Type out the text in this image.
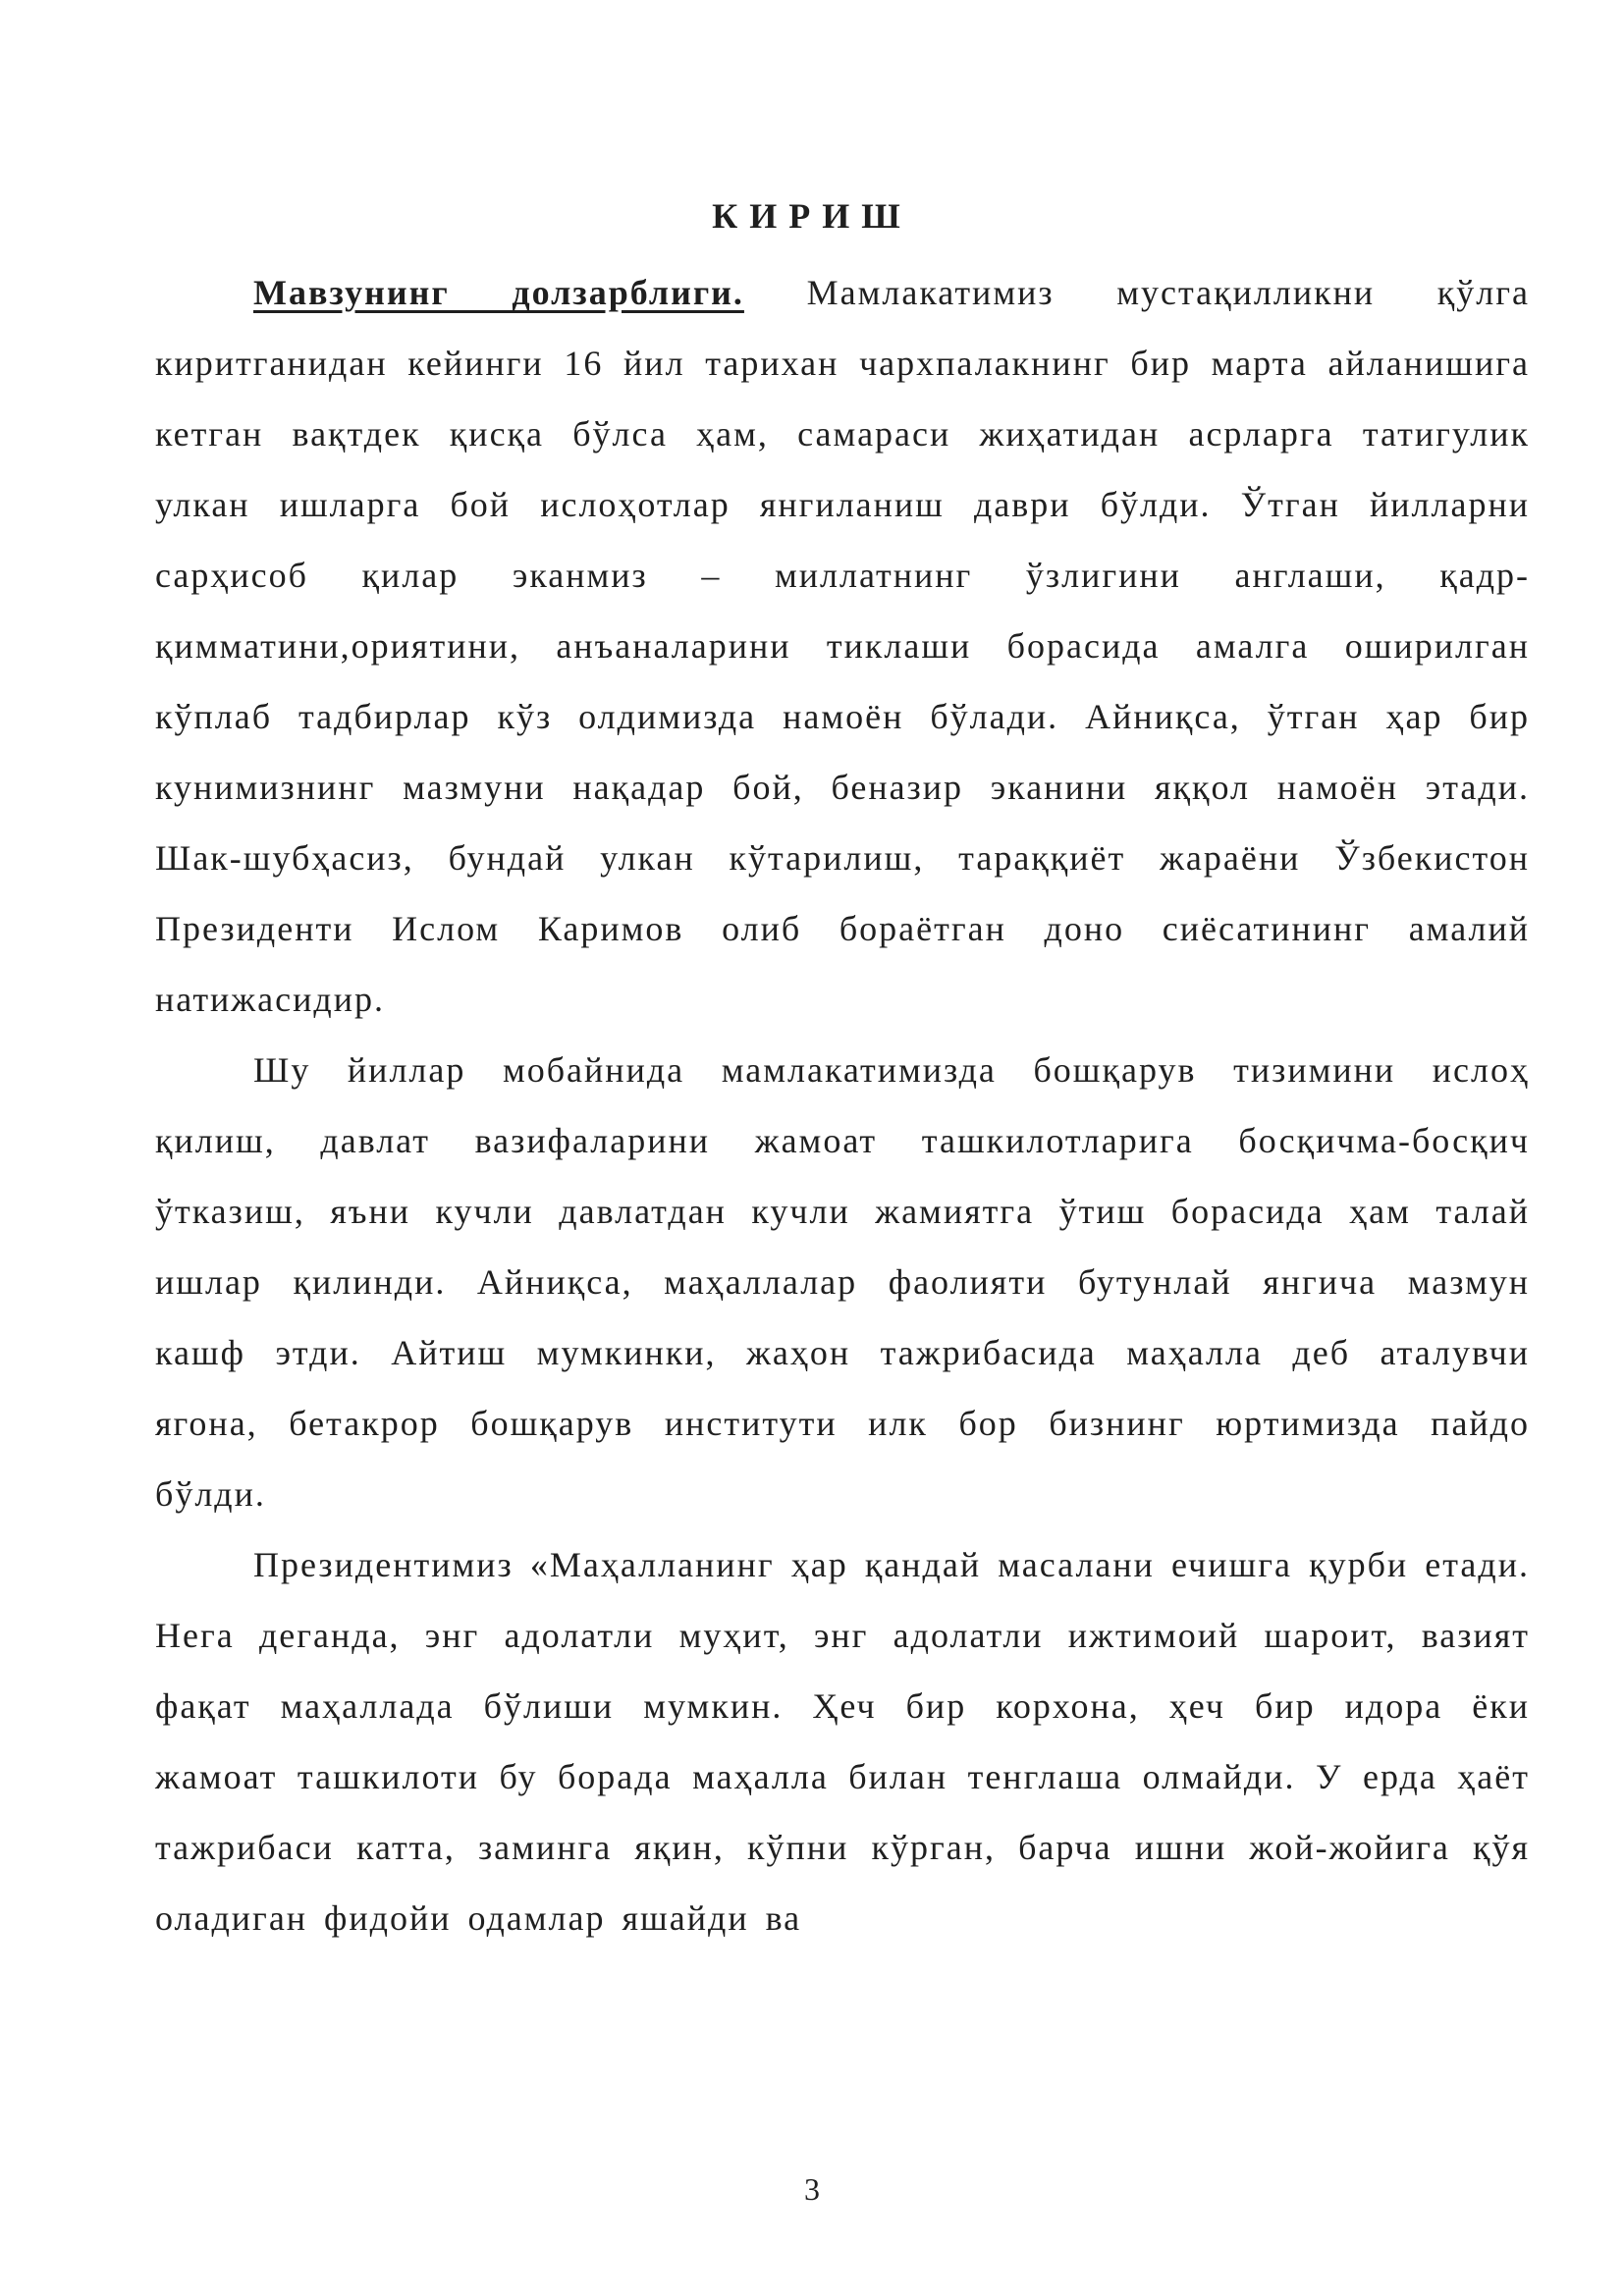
КИРИШ

Мавзунинг долзарблиги. Мамлакатимиз мустақилликни қўлга киритганидан кейинги 16 йил тарихан чархпалакнинг бир марта айланишига кетган вақтдек қисқа бўлса ҳам, самараси жиҳатидан асрларга татигулик улкан ишларга бой ислоҳотлар янгиланиш даври бўлди. Ўтган йилларни сарҳисоб қилар эканмиз – миллатнинг ўзлигини англаши, қадр-қимматини,ориятини, анъаналарини тиклаши борасида амалга оширилган кўплаб тадбирлар кўз олдимизда намоён бўлади. Айниқса, ўтган ҳар бир кунимизнинг мазмуни нақадар бой, беназир эканини яққол намоён этади. Шак-шубҳасиз, бундай улкан кўтарилиш, тараққиёт жараёни Ўзбекистон Президенти Ислом Каримов олиб бораётган доно сиёсатининг амалий натижасидир.

Шу йиллар мобайнида мамлакатимизда бошқарув тизимини ислоҳ қилиш, давлат вазифаларини жамоат ташкилотларига босқичма-босқич ўтказиш, яъни кучли давлатдан кучли жамиятга ўтиш борасида ҳам талай ишлар қилинди. Айниқса, маҳаллалар фаолияти бутунлай янгича мазмун кашф этди. Айтиш мумкинки, жаҳон тажрибасида маҳалла деб аталувчи ягона, бетакрор бошқарув институти илк бор бизнинг юртимизда пайдо бўлди.

Президентимиз «Маҳалланинг ҳар қандай масалани ечишга қурби етади. Нега деганда, энг адолатли муҳит, энг адолатли ижтимоий шароит, вазият фақат маҳаллада бўлиши мумкин. Ҳеч бир корхона, ҳеч бир идора ёки жамоат ташкилоти бу борада маҳалла билан тенглаша олмайди. У ерда ҳаёт тажрибаси катта, заминга яқин, кўпни кўрган, барча ишни жой-жойига қўя оладиган фидойи одамлар яшайди ва

3
